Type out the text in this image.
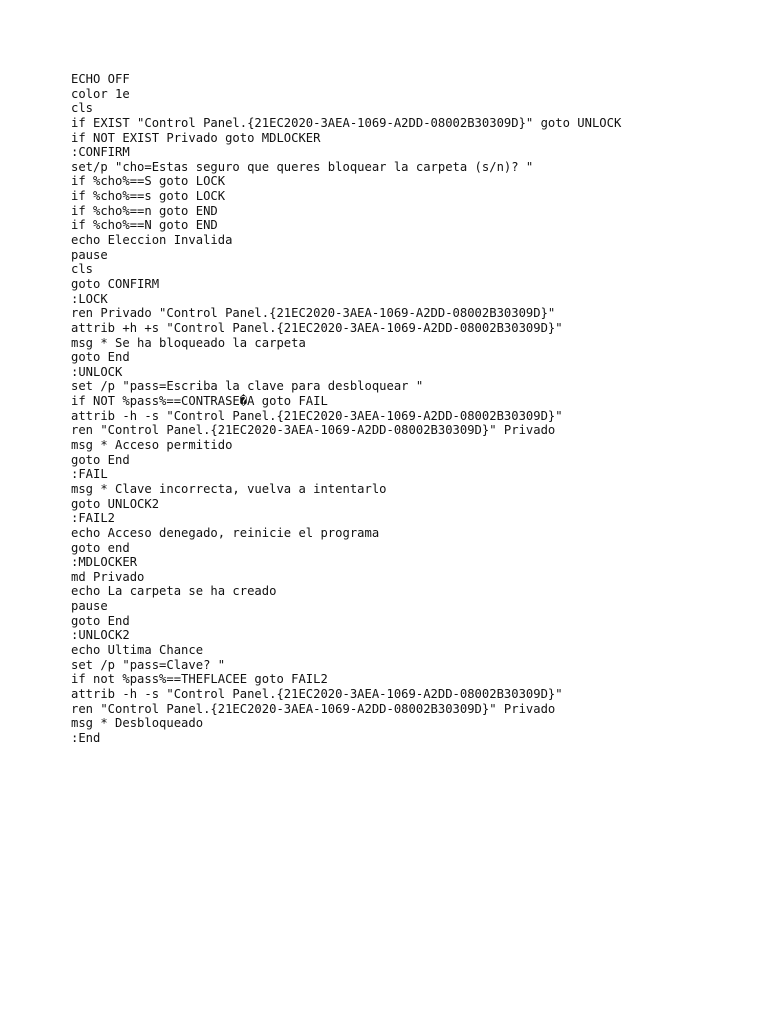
ECHO OFF
color 1e
cls
if EXIST "Control Panel.{21EC2020-3AEA-1069-A2DD-08002B30309D}" goto UNLOCK
if NOT EXIST Privado goto MDLOCKER
:CONFIRM
set/p "cho=Estas seguro que queres bloquear la carpeta (s/n)? "
if %cho%==S goto LOCK
if %cho%==s goto LOCK
if %cho%==n goto END
if %cho%==N goto END
echo Eleccion Invalida
pause
cls
goto CONFIRM
:LOCK
ren Privado "Control Panel.{21EC2020-3AEA-1069-A2DD-08002B30309D}"
attrib +h +s "Control Panel.{21EC2020-3AEA-1069-A2DD-08002B30309D}"
msg * Se ha bloqueado la carpeta
goto End
:UNLOCK
set /p "pass=Escriba la clave para desbloquear "
if NOT %pass%==CONTRASE�A goto FAIL
attrib -h -s "Control Panel.{21EC2020-3AEA-1069-A2DD-08002B30309D}"
ren "Control Panel.{21EC2020-3AEA-1069-A2DD-08002B30309D}" Privado
msg * Acceso permitido
goto End
:FAIL
msg * Clave incorrecta, vuelva a intentarlo
goto UNLOCK2
:FAIL2
echo Acceso denegado, reinicie el programa
goto end
:MDLOCKER
md Privado
echo La carpeta se ha creado
pause
goto End
:UNLOCK2
echo Ultima Chance
set /p "pass=Clave? "
if not %pass%==THEFLACEE goto FAIL2
attrib -h -s "Control Panel.{21EC2020-3AEA-1069-A2DD-08002B30309D}"
ren "Control Panel.{21EC2020-3AEA-1069-A2DD-08002B30309D}" Privado
msg * Desbloqueado
:End
